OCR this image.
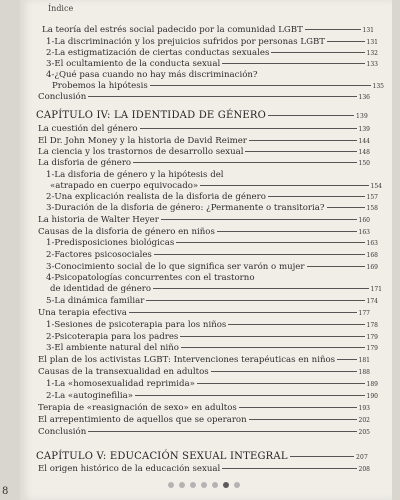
Índice
La teoría del estrés social padecido por la comunidad LGBT	131
1-La discriminación y los prejuicios sufridos por personas LGBT	131
2-La estigmatización de ciertas conductas sexuales	132
3-El ocultamiento de la conducta sexual	133
4-¿Qué pasa cuando no hay más discriminación?
Probemos la hipótesis	135
Conclusión	136
CAPÍTULO IV: LA IDENTIDAD DE GÉNERO	139
La cuestión del género	139
El Dr. John Money y la historia de David Reimer	144
La ciencia y los trastornos de desarrollo sexual	148
La disforia de género	150
1-La disforia de género y la hipótesis del
«atrapado en cuerpo equivocado»	154
2-Una explicación realista de la disforia de género	157
3-Duración de la disforia de género: ¿Permanente o transitoria?	158
La historia de Walter Heyer	160
Causas de la disforia de género en niños	163
1-Predisposiciones biológicas	163
2-Factores psicosociales	168
3-Conocimiento social de lo que significa ser varón o mujer	169
4-Psicopatologías concurrentes con el trastorno
de identidad de género	171
5-La dinámica familiar	174
Una terapia efectiva	177
1-Sesiones de psicoterapia para los niños	178
2-Psicoterapia para los padres	179
3-El ambiente natural del niño	179
El plan de los activistas LGBT: Intervenciones terapéuticas en niños	181
Causas de la transexualidad en adultos	188
1-La «homosexualidad reprimida»	189
2-La «autoginefilia»	190
Terapia de «reasignación de sexo» en adultos	193
El arrepentimiento de aquellos que se operaron	202
Conclusión	205
CAPÍTULO V: EDUCACIÓN SEXUAL INTEGRAL	207
El origen histórico de la educación sexual	208
8
